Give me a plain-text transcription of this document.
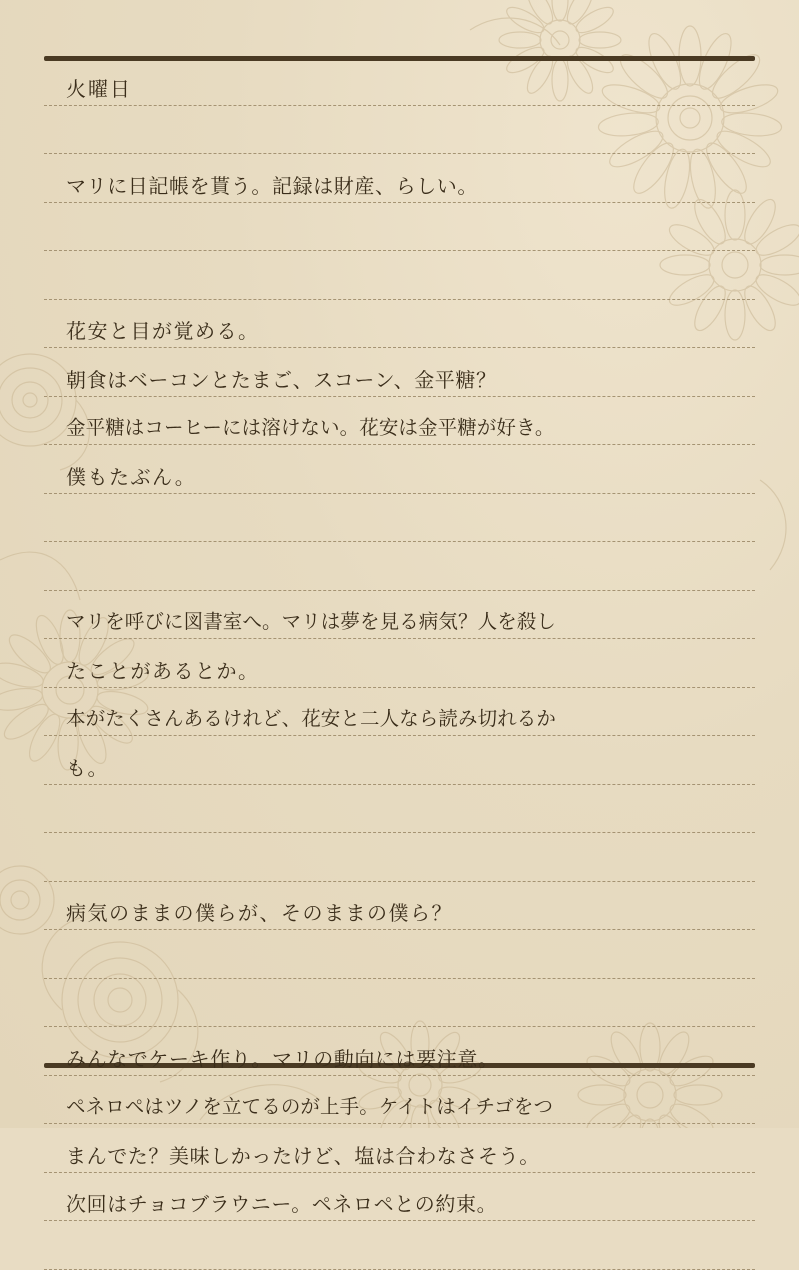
火曜日
マリに日記帳を貰う。記録は財産、らしい。
花安と目が覚める。
朝食はベーコンとたまご、スコーン、金平糖？
金平糖はコーヒーには溶けない。花安は金平糖が好き。
僕もたぶん。
マリを呼びに図書室へ。マリは夢を見る病気？人を殺し
たことがあるとか。
本がたくさんあるけれど、花安と二人なら読み切れるか
も。
病気のままの僕らが、そのままの僕ら？
みんなでケーキ作り。マリの動向には要注意。
ペネロペはツノを立てるのが上手。ケイトはイチゴをつ
まんでた？美味しかったけど、塩は合わなさそう。
次回はチョコブラウニー。ペネロペとの約束。
